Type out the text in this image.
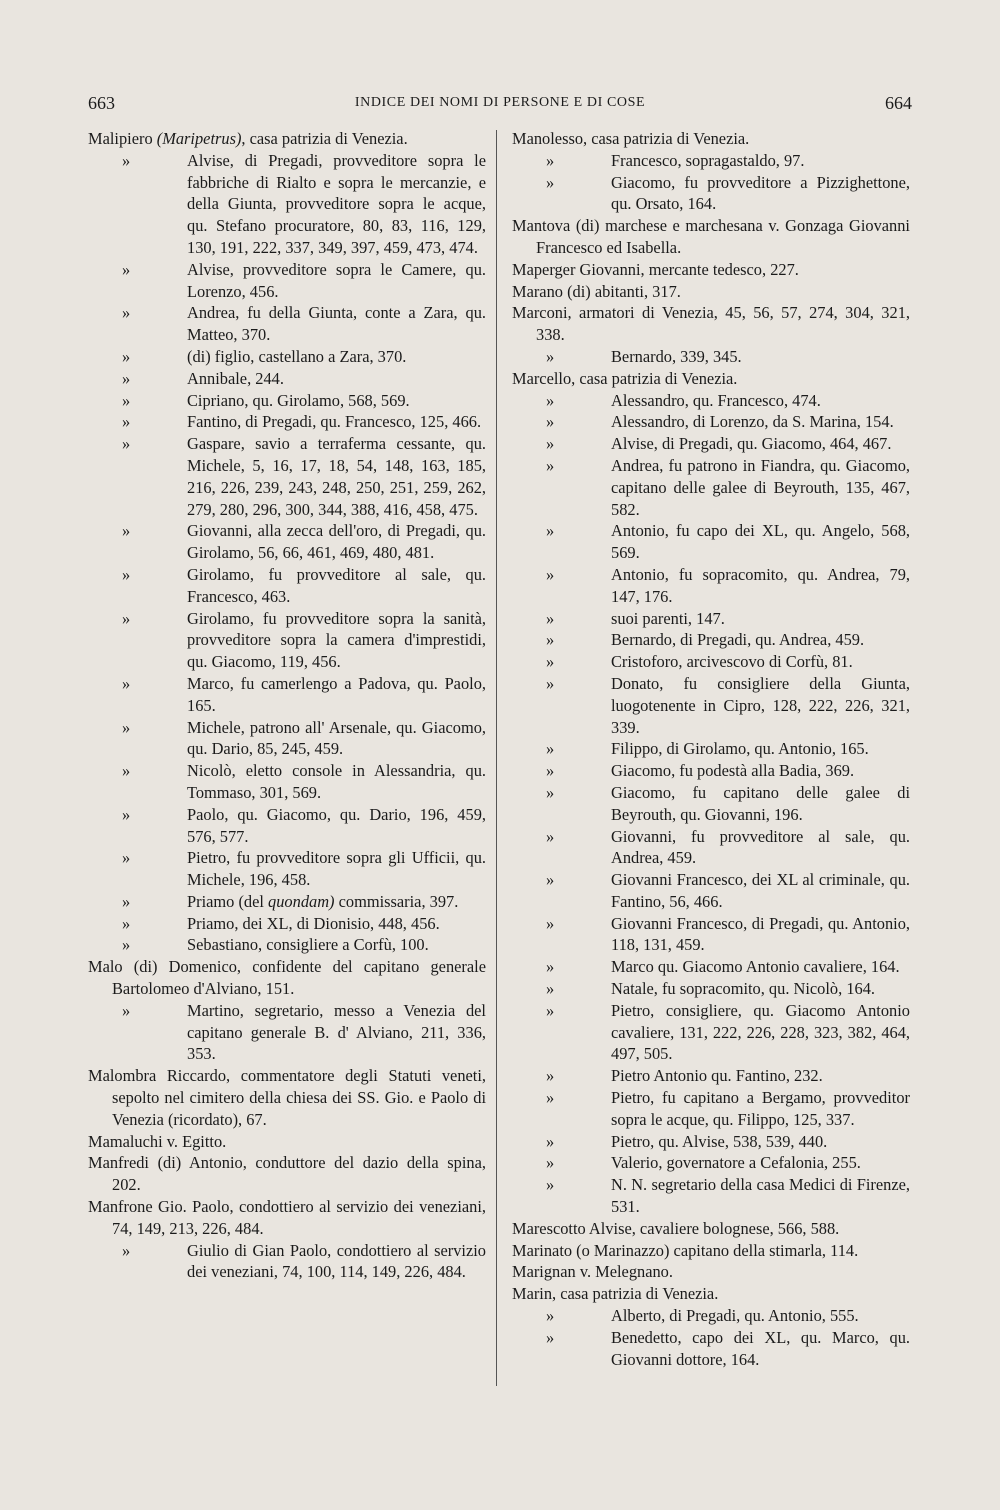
663	INDICE DEI NOMI DI PERSONE E DI COSE	664
Malipiero (Maripetrus), casa patrizia di Venezia.
»	Alvise, di Pregadi, provveditore sopra le fabbriche di Rialto e sopra le mercanzie, e della Giunta, provveditore sopra le acque, qu. Stefano procuratore, 80, 83, 116, 129, 130, 191, 222, 337, 349, 397, 459, 473, 474.
»	Alvise, provveditore sopra le Camere, qu. Lorenzo, 456.
»	Andrea, fu della Giunta, conte a Zara, qu. Matteo, 370.
»	(di) figlio, castellano a Zara, 370.
»	Annibale, 244.
»	Cipriano, qu. Girolamo, 568, 569.
»	Fantino, di Pregadi, qu. Francesco, 125, 466.
»	Gaspare, savio a terraferma cessante, qu. Michele, 5, 16, 17, 18, 54, 148, 163, 185, 216, 226, 239, 243, 248, 250, 251, 259, 262, 279, 280, 296, 300, 344, 388, 416, 458, 475.
»	Giovanni, alla zecca dell'oro, di Pregadi, qu. Girolamo, 56, 66, 461, 469, 480, 481.
»	Girolamo, fu provveditore al sale, qu. Francesco, 463.
»	Girolamo, fu provveditore sopra la sanità, provveditore sopra la camera d'imprestidi, qu. Giacomo, 119, 456.
»	Marco, fu camerlengo a Padova, qu. Paolo, 165.
»	Michele, patrono all' Arsenale, qu. Giacomo, qu. Dario, 85, 245, 459.
»	Nicolò, eletto console in Alessandria, qu. Tommaso, 301, 569.
»	Paolo, qu. Giacomo, qu. Dario, 196, 459, 576, 577.
»	Pietro, fu provveditore sopra gli Ufficii, qu. Michele, 196, 458.
»	Priamo (del quondam) commissaria, 397.
»	Priamo, dei XL, di Dionisio, 448, 456.
»	Sebastiano, consigliere a Corfù, 100.
Malo (di) Domenico, confidente del capitano generale Bartolomeo d'Alviano, 151.
»	Martino, segretario, messo a Venezia del capitano generale B. d' Alviano, 211, 336, 353.
Malombra Riccardo, commentatore degli Statuti veneti, sepolto nel cimitero della chiesa dei SS. Gio. e Paolo di Venezia (ricordato), 67.
Mamaluchi v. Egitto.
Manfredi (di) Antonio, conduttore del dazio della spina, 202.
Manfrone Gio. Paolo, condottiero al servizio dei veneziani, 74, 149, 213, 226, 484.
»	Giulio di Gian Paolo, condottiero al servizio dei veneziani, 74, 100, 114, 149, 226, 484.
Manolesso, casa patrizia di Venezia.
»	Francesco, sopragastaldo, 97.
»	Giacomo, fu provveditore a Pizzighettone, qu. Orsato, 164.
Mantova (di) marchese e marchesana v. Gonzaga Giovanni Francesco ed Isabella.
Maperger Giovanni, mercante tedesco, 227.
Marano (di) abitanti, 317.
Marconi, armatori di Venezia, 45, 56, 57, 274, 304, 321, 338.
»	Bernardo, 339, 345.
Marcello, casa patrizia di Venezia.
»	Alessandro, qu. Francesco, 474.
»	Alessandro, di Lorenzo, da S. Marina, 154.
»	Alvise, di Pregadi, qu. Giacomo, 464, 467.
»	Andrea, fu patrono in Fiandra, qu. Giacomo, capitano delle galee di Beyrouth, 135, 467, 582.
»	Antonio, fu capo dei XL, qu. Angelo, 568, 569.
»	Antonio, fu sopracomito, qu. Andrea, 79, 147, 176.
»	suoi parenti, 147.
»	Bernardo, di Pregadi, qu. Andrea, 459.
»	Cristoforo, arcivescovo di Corfù, 81.
»	Donato, fu consigliere della Giunta, luogotenente in Cipro, 128, 222, 226, 321, 339.
»	Filippo, di Girolamo, qu. Antonio, 165.
»	Giacomo, fu podestà alla Badia, 369.
»	Giacomo, fu capitano delle galee di Beyrouth, qu. Giovanni, 196.
»	Giovanni, fu provveditore al sale, qu. Andrea, 459.
»	Giovanni Francesco, dei XL al criminale, qu. Fantino, 56, 466.
»	Giovanni Francesco, di Pregadi, qu. Antonio, 118, 131, 459.
»	Marco qu. Giacomo Antonio cavaliere, 164.
»	Natale, fu sopracomito, qu. Nicolò, 164.
»	Pietro, consigliere, qu. Giacomo Antonio cavaliere, 131, 222, 226, 228, 323, 382, 464, 497, 505.
»	Pietro Antonio qu. Fantino, 232.
»	Pietro, fu capitano a Bergamo, provveditor sopra le acque, qu. Filippo, 125, 337.
»	Pietro, qu. Alvise, 538, 539, 440.
»	Valerio, governatore a Cefalonia, 255.
»	N. N. segretario della casa Medici di Firenze, 531.
Marescotto Alvise, cavaliere bolognese, 566, 588.
Marinato (o Marinazzo) capitano della stimarla, 114.
Marignan v. Melegnano.
Marin, casa patrizia di Venezia.
»	Alberto, di Pregadi, qu. Antonio, 555.
»	Benedetto, capo dei XL, qu. Marco, qu. Giovanni dottore, 164.
